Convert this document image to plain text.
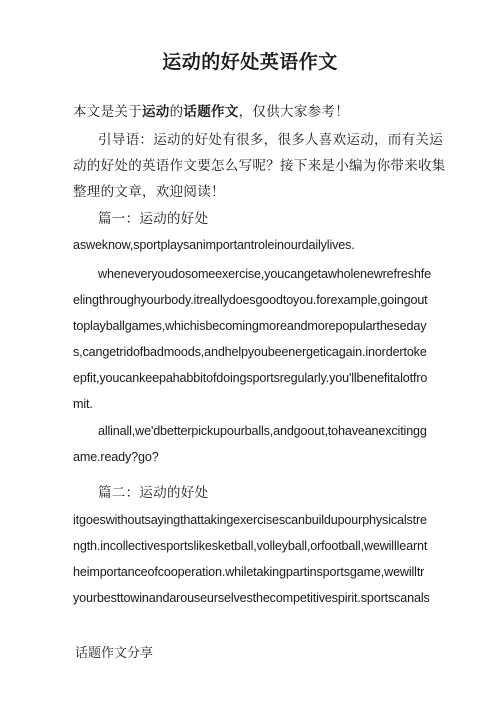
运动的好处英语作文
本文是关于运动的话题作文，仅供大家参考！
引导语：运动的好处有很多，很多人喜欢运动，而有关运
动的好处的英语作文要怎么写呢？接下来是小编为你带来收集
整理的文章，欢迎阅读！
篇一：运动的好处
asweknow,sportplaysanimportantroleinourdailylives.
wheneveryoudosomeexercise,youcangetawholenewrefreshfe
elingthroughyourbody.itreallydoesgoodtoyou.forexample,goingout
toplayballgames,whichisbecomingmoreandmorepopulartheseday
s,cangetridofbadmoods,andhelpyoubeenergeticagain.inordertoke
epfit,youcankeepahabbitofdoingsportsregularly.you'llbenefitalotfro
mit.
allinall,we'dbetterpickupourballs,andgoout,tohaveanexcitingg
ame.ready?go?
篇二：运动的好处
itgoeswithoutsayingthattakingexercisescanbuildupourphysicalstre
ngth.incollectivesportslikesketball,volleyball,orfootball,wewilllearnt
heimportanceofcooperation.whiletakingpartinsportsgame,wewilltr
yourbesttowinandarouseurselvesthecompetitivespirit.sportscanals
话题作文分享
